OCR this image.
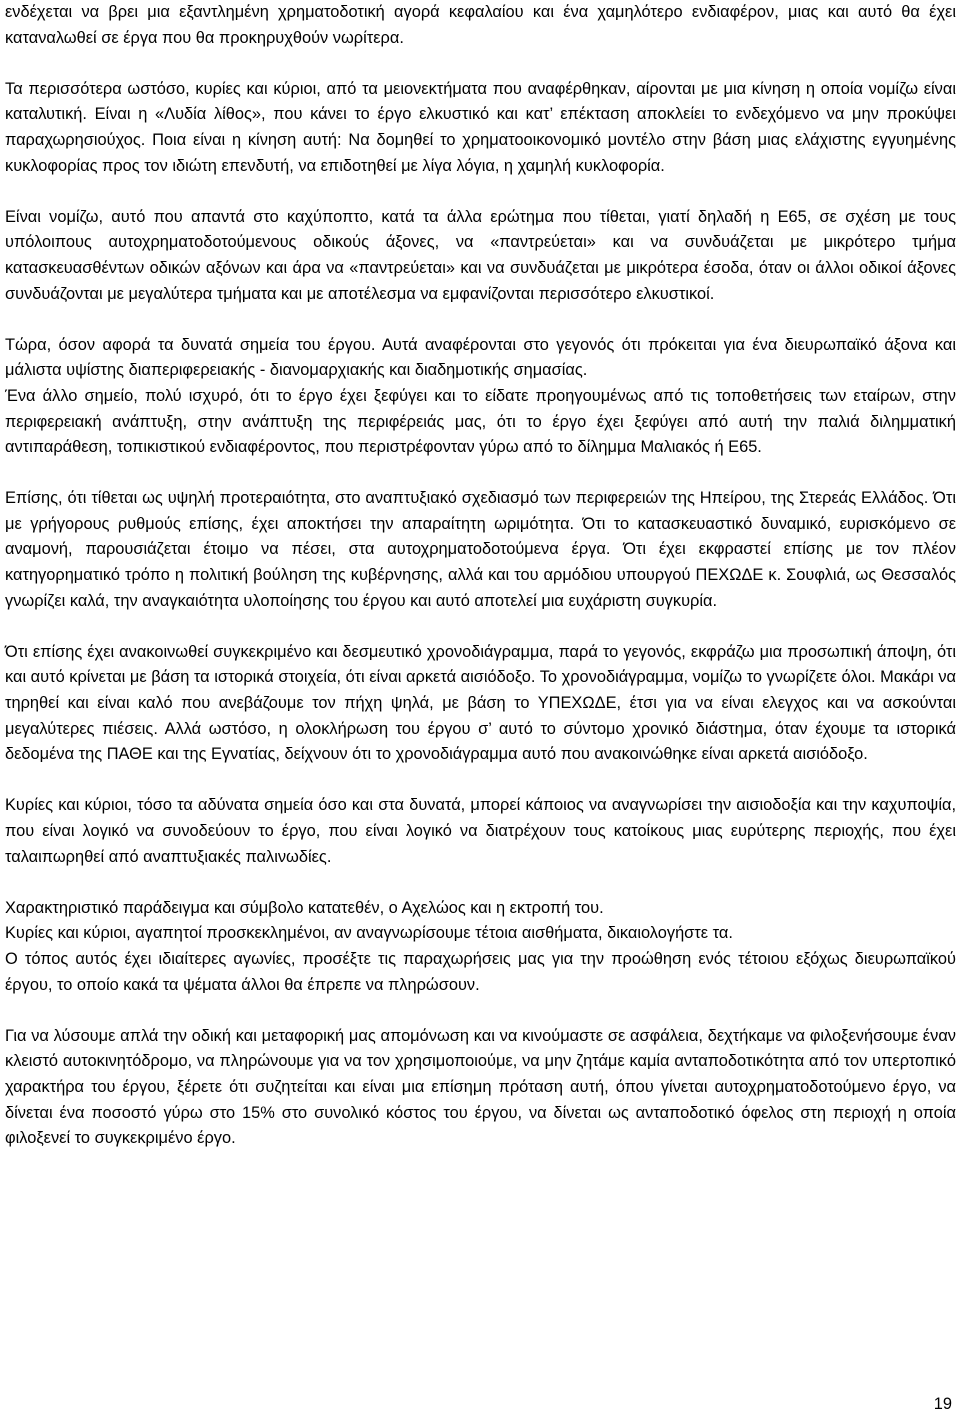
ενδέχεται να βρει μια εξαντλημένη χρηματοδοτική αγορά κεφαλαίου και ένα χαμηλότερο ενδιαφέρον, μιας και αυτό θα έχει καταναλωθεί σε έργα που θα προκηρυχθούν νωρίτερα.

Τα περισσότερα ωστόσο, κυρίες και κύριοι, από τα μειονεκτήματα που αναφέρθηκαν, αίρονται με μια κίνηση η οποία νομίζω είναι καταλυτική. Είναι η «Λυδία λίθος», που κάνει το έργο ελκυστικό και κατ’ επέκταση αποκλείει το ενδεχόμενο να μην προκύψει παραχωρησιούχος. Ποια είναι η κίνηση αυτή: Να δομηθεί το χρηματοοικονομικό μοντέλο στην βάση μιας ελάχιστης εγγυημένης κυκλοφορίας προς τον ιδιώτη επενδυτή, να επιδοτηθεί με λίγα λόγια, η χαμηλή κυκλοφορία.

Είναι νομίζω, αυτό που απαντά στο καχύποπτο, κατά τα άλλα ερώτημα που τίθεται, γιατί δηλαδή η Ε65, σε σχέση με τους υπόλοιπους αυτοχρηματοδοτούμενους οδικούς άξονες, να «παντρεύεται» και να συνδυάζεται με μικρότερο τμήμα κατασκευασθέντων οδικών αξόνων και άρα να «παντρεύεται» και να συνδυάζεται με μικρότερα έσοδα, όταν οι άλλοι οδικοί άξονες συνδυάζονται με μεγαλύτερα τμήματα και με αποτέλεσμα να εμφανίζονται περισσότερο ελκυστικοί.

Τώρα, όσον αφορά τα δυνατά σημεία του έργου. Αυτά αναφέρονται στο γεγονός ότι πρόκειται για ένα διευρωπαϊκό άξονα και μάλιστα υψίστης διαπεριφερειακής - διανομαρχιακής και διαδημοτικής σημασίας.

Ένα άλλο σημείο, πολύ ισχυρό, ότι το έργο έχει ξεφύγει και το είδατε προηγουμένως από τις τοποθετήσεις των εταίρων, στην περιφερειακή ανάπτυξη, στην ανάπτυξη της περιφέρειάς μας, ότι το έργο έχει ξεφύγει από αυτή την παλιά διλημματική αντιπαράθεση, τοπικιστικού ενδιαφέροντος, που περιστρέφονταν γύρω από το δίλημμα Μαλιακός ή Ε65.

Επίσης, ότι τίθεται ως υψηλή προτεραιότητα, στο αναπτυξιακό σχεδιασμό των περιφερειών της Ηπείρου, της Στερεάς Ελλάδος. Ότι με γρήγορους ρυθμούς επίσης, έχει αποκτήσει την απαραίτητη ωριμότητα. Ότι το κατασκευαστικό δυναμικό, ευρισκόμενο σε αναμονή, παρουσιάζεται έτοιμο να πέσει, στα αυτοχρηματοδοτούμενα έργα. Ότι έχει εκφραστεί επίσης με τον πλέον κατηγορηματικό τρόπο η πολιτική βούληση της κυβέρνησης, αλλά και του αρμόδιου υπουργού ΠΕΧΩΔΕ κ. Σουφλιά, ως Θεσσαλός γνωρίζει καλά, την αναγκαιότητα υλοποίησης του έργου και αυτό αποτελεί μια ευχάριστη συγκυρία.

Ότι επίσης έχει ανακοινωθεί συγκεκριμένο και δεσμευτικό χρονοδιάγραμμα, παρά το γεγονός, εκφράζω μια προσωπική άποψη, ότι και αυτό κρίνεται με βάση τα ιστορικά στοιχεία, ότι είναι αρκετά αισιόδοξο. Το χρονοδιάγραμμα, νομίζω το γνωρίζετε όλοι. Μακάρι να τηρηθεί και είναι καλό που ανεβάζουμε τον πήχη ψηλά, με βάση το ΥΠΕΧΩΔΕ, έτσι για να είναι ελεγχος και να ασκούνται μεγαλύτερες πιέσεις. Αλλά ωστόσο, η ολοκλήρωση του έργου σ’ αυτό το σύντομο χρονικό διάστημα, όταν έχουμε τα ιστορικά δεδομένα της ΠΑΘΕ και της Εγνατίας, δείχνουν ότι το χρονοδιάγραμμα αυτό που ανακοινώθηκε είναι αρκετά αισιόδοξο.

Κυρίες και κύριοι, τόσο τα αδύνατα σημεία όσο και στα δυνατά, μπορεί κάποιος να αναγνωρίσει την αισιοδοξία και την καχυποψία, που είναι λογικό να συνοδεύουν το έργο, που είναι λογικό να διατρέχουν τους κατοίκους μιας ευρύτερης περιοχής, που έχει ταλαιπωρηθεί από αναπτυξιακές παλινωδίες.

Χαρακτηριστικό παράδειγμα και σύμβολο κατατεθέν, ο Αχελώος και η εκτροπή του.

Κυρίες και κύριοι, αγαπητοί προσκεκλημένοι, αν αναγνωρίσουμε τέτοια αισθήματα, δικαιολογήστε τα.

Ο τόπος αυτός έχει ιδιαίτερες αγωνίες, προσέξτε τις παραχωρήσεις μας για την προώθηση ενός τέτοιου εξόχως διευρωπαϊκού έργου, το οποίο κακά τα ψέματα άλλοι θα έπρεπε να πληρώσουν.

Για να λύσουμε απλά την οδική και μεταφορική μας απομόνωση και να κινούμαστε σε ασφάλεια, δεχτήκαμε να φιλοξενήσουμε έναν κλειστό αυτοκινητόδρομο, να πληρώνουμε για να τον χρησιμοποιούμε, να μην ζητάμε καμία ανταποδοτικότητα από τον υπερτοπικό χαρακτήρα του έργου, ξέρετε ότι συζητείται και είναι μια επίσημη πρόταση αυτή, όπου γίνεται αυτοχρηματοδοτούμενο έργο, να δίνεται ένα ποσοστό γύρω στο 15% στο συνολικό κόστος του έργου, να δίνεται ως ανταποδοτικό όφελος στη περιοχή η οποία φιλοξενεί το συγκεκριμένο έργο.

19
